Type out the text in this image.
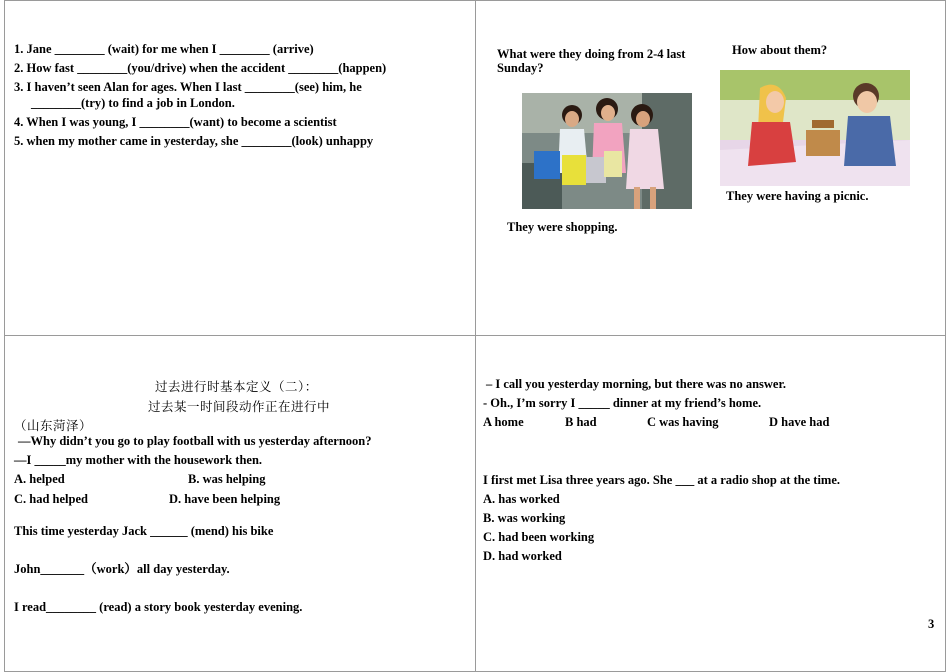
1. Jane ________ (wait) for me when I ________ (arrive)
2. How fast ________(you/drive) when the accident ________(happen)
3. I haven’t seen Alan for ages. When I last ________(see) him, he
________(try) to find a job in London.
4. When I was young, I ________(want) to become a scientist
5. when my mother came in yesterday, she ________(look) unhappy
What were they doing from 2-4 last
Sunday?
How about them?
They were shopping.
They were having a picnic.
过去进行时基本定义（二）：
过去某一时间段动作正在进行中
（山东菏泽）
—Why didn’t you go to play football with us yesterday afternoon?
—I _____my mother with the housework then.
A. helped	B. was helping
C. had helped	D. have been helping
This time yesterday Jack ______ (mend) his bike
John_______（work）all day yesterday.
I read________ (read) a story book yesterday evening.
– I call you yesterday morning, but there was no answer.
- Oh., I’m sorry I _____ dinner at my friend’s home.
A home	B had	C was having	D have had
I first met Lisa three years ago. She ___ at a radio shop at the time.
A. has worked
B. was working
C. had been working
D. had worked
3
